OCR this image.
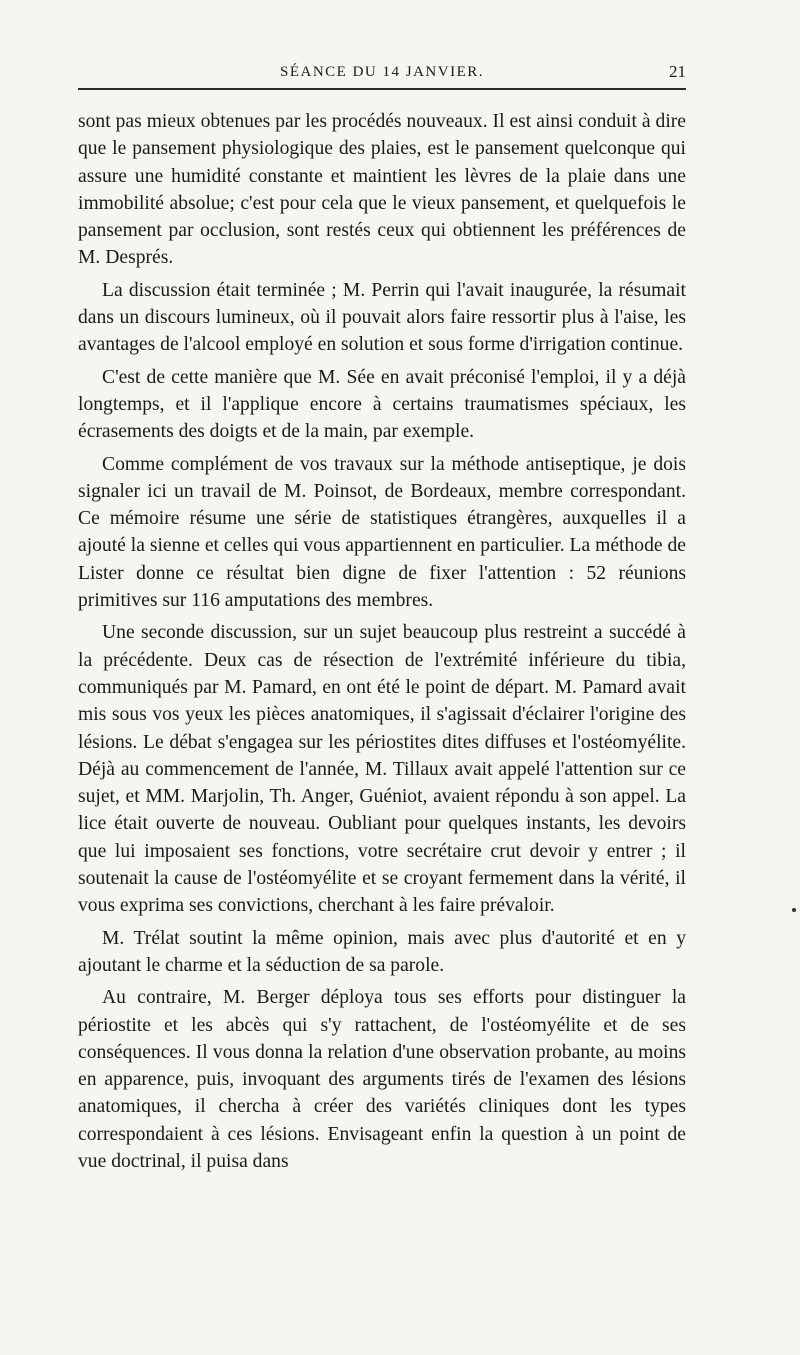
SÉANCE DU 14 JANVIER.	21

sont pas mieux obtenues par les procédés nouveaux. Il est ainsi conduit à dire que le pansement physiologique des plaies, est le pansement quelconque qui assure une humidité constante et maintient les lèvres de la plaie dans une immobilité absolue; c'est pour cela que le vieux pansement, et quelquefois le pansement par occlusion, sont restés ceux qui obtiennent les préférences de M. Després.

La discussion était terminée ; M. Perrin qui l'avait inaugurée, la résumait dans un discours lumineux, où il pouvait alors faire ressortir plus à l'aise, les avantages de l'alcool employé en solution et sous forme d'irrigation continue.

C'est de cette manière que M. Sée en avait préconisé l'emploi, il y a déjà longtemps, et il l'applique encore à certains traumatismes spéciaux, les écrasements des doigts et de la main, par exemple.

Comme complément de vos travaux sur la méthode antiseptique, je dois signaler ici un travail de M. Poinsot, de Bordeaux, membre correspondant. Ce mémoire résume une série de statistiques étrangères, auxquelles il a ajouté la sienne et celles qui vous appartiennent en particulier. La méthode de Lister donne ce résultat bien digne de fixer l'attention : 52 réunions primitives sur 116 amputations des membres.

Une seconde discussion, sur un sujet beaucoup plus restreint a succédé à la précédente. Deux cas de résection de l'extrémité inférieure du tibia, communiqués par M. Pamard, en ont été le point de départ. M. Pamard avait mis sous vos yeux les pièces anatomiques, il s'agissait d'éclairer l'origine des lésions. Le débat s'engagea sur les périostites dites diffuses et l'ostéomyélite. Déjà au commencement de l'année, M. Tillaux avait appelé l'attention sur ce sujet, et MM. Marjolin, Th. Anger, Guéniot, avaient répondu à son appel. La lice était ouverte de nouveau. Oubliant pour quelques instants, les devoirs que lui imposaient ses fonctions, votre secrétaire crut devoir y entrer ; il soutenait la cause de l'ostéomyélite et se croyant fermement dans la vérité, il vous exprima ses convictions, cherchant à les faire prévaloir.

M. Trélat soutint la même opinion, mais avec plus d'autorité et en y ajoutant le charme et la séduction de sa parole.

Au contraire, M. Berger déploya tous ses efforts pour distinguer la périostite et les abcès qui s'y rattachent, de l'ostéomyélite et de ses conséquences. Il vous donna la relation d'une observation probante, au moins en apparence, puis, invoquant des arguments tirés de l'examen des lésions anatomiques, il chercha à créer des variétés cliniques dont les types correspondaient à ces lésions. Envisageant enfin la question à un point de vue doctrinal, il puisa dans
